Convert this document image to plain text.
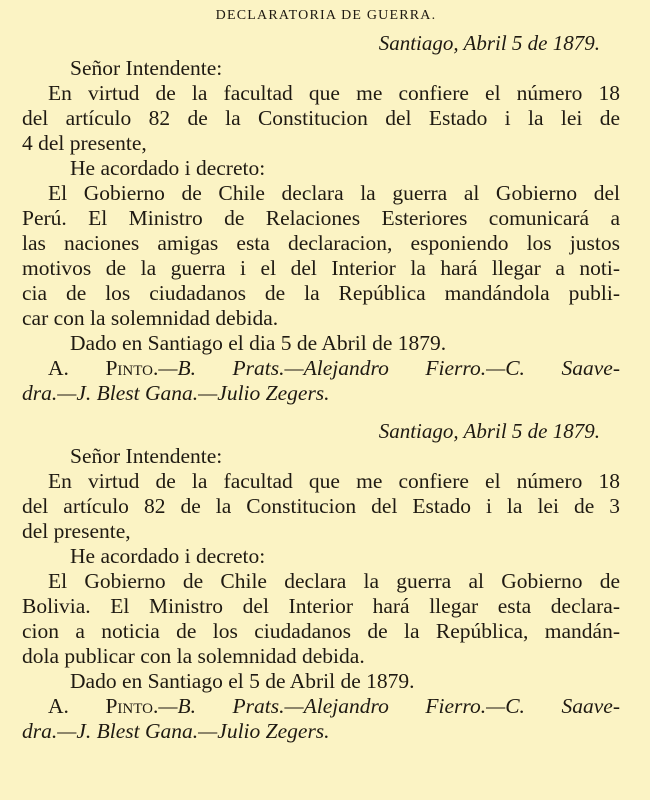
DECLARATORIA DE GUERRA.
Santiago, Abril 5 de 1879.
Señor Intendente:
En virtud de la facultad que me confiere el número 18
del artículo 82 de la Constitucion del Estado i la lei de
4 del presente,
He acordado i decreto:
El Gobierno de Chile declara la guerra al Gobierno del
Perú. El Ministro de Relaciones Esteriores comunicará a
las naciones amigas esta declaracion, esponiendo los justos
motivos de la guerra i el del Interior la hará llegar a noti-
cia de los ciudadanos de la República mandándola publi-
car con la solemnidad debida.
Dado en Santiago el dia 5 de Abril de 1879.
A. Pinto.—B. Prats.—Alejandro Fierro.—C. Saave-
dra.—J. Blest Gana.—Julio Zegers.
Santiago, Abril 5 de 1879.
Señor Intendente:
En virtud de la facultad que me confiere el número 18
del artículo 82 de la Constitucion del Estado i la lei de 3
del presente,
He acordado i decreto:
El Gobierno de Chile declara la guerra al Gobierno de
Bolivia. El Ministro del Interior hará llegar esta declara-
cion a noticia de los ciudadanos de la República, mandán-
dola publicar con la solemnidad debida.
Dado en Santiago el 5 de Abril de 1879.
A. Pinto.—B. Prats.—Alejandro Fierro.—C. Saave-
dra.—J. Blest Gana.—Julio Zegers.
